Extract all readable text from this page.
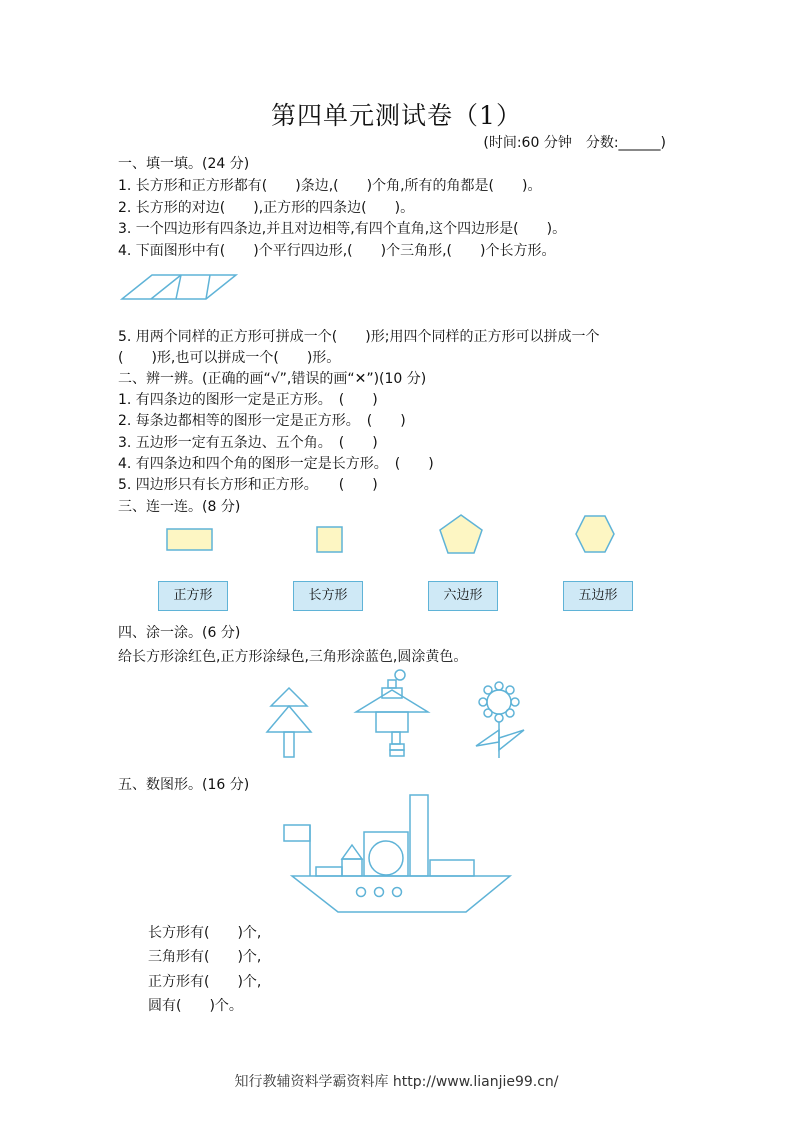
第四单元测试卷（1）
(时间:60 分钟　分数:______)
一、填一填。(24 分)
1. 长方形和正方形都有(　　)条边,(　　)个角,所有的角都是(　　)。
2. 长方形的对边(　　),正方形的四条边(　　)。
3. 一个四边形有四条边,并且对边相等,有四个直角,这个四边形是(　　)。
4. 下面图形中有(　　)个平行四边形,(　　)个三角形,(　　)个长方形。
5. 用两个同样的正方形可拼成一个(　　)形;用四个同样的正方形可以拼成一个
(　　)形,也可以拼成一个(　　)形。
二、辨一辨。(正确的画“√”,错误的画“✕”)(10 分)
1. 有四条边的图形一定是正方形。　(　　)
2. 每条边都相等的图形一定是正方形。　(　　)
3. 五边形一定有五条边、五个角。　(　　)
4. 有四条边和四个角的图形一定是长方形。　(　　)
5. 四边形只有长方形和正方形。　　(　　)
三、连一连。(8 分)
正方形	长方形	六边形	五边形
四、涂一涂。(6 分)
给长方形涂红色,正方形涂绿色,三角形涂蓝色,圆涂黄色。
五、数图形。(16 分)
长方形有(　　)个,
三角形有(　　)个,
正方形有(　　)个,
圆有(　　)个。
知行教辅资料学霸资料库 http://www.lianjie99.cn/
